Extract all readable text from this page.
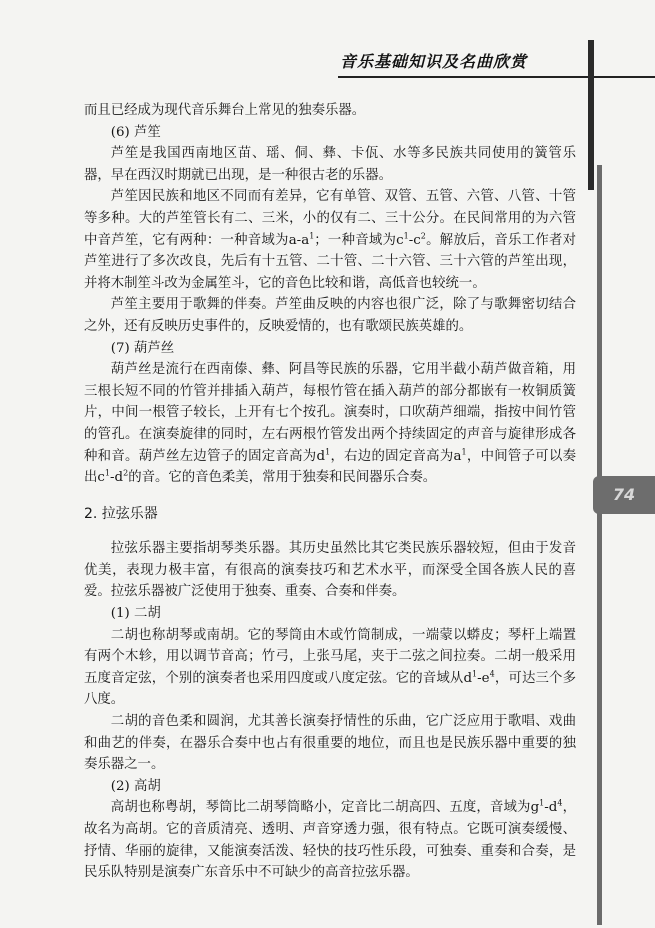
音乐基础知识及名曲欣赏
74

而且已经成为现代音乐舞台上常见的独奏乐器。

(6) 芦笙

芦笙是我国西南地区苗、瑶、侗、彝、卡佤、水等多民族共同使用的簧管乐器，早在西汉时期就已出现，是一种很古老的乐器。

芦笙因民族和地区不同而有差异，它有单管、双管、五管、六管、八管、十管等多种。大的芦笙管长有二、三米，小的仅有二、三十公分。在民间常用的为六管中音芦笙，它有两种：一种音域为$a-a^1$；一种音域为$c^1-c^2$。解放后，音乐工作者对芦笙进行了多次改良，先后有十五管、二十管、二十六管、三十六管的芦笙出现，并将木制笙斗改为金属笙斗，它的音色比较和谐，高低音也较统一。

芦笙主要用于歌舞的伴奏。芦笙曲反映的内容也很广泛，除了与歌舞密切结合之外，还有反映历史事件的，反映爱情的，也有歌颂民族英雄的。

(7) 葫芦丝

葫芦丝是流行在西南傣、彝、阿昌等民族的乐器，它用半截小葫芦做音箱，用三根长短不同的竹管并排插入葫芦，每根竹管在插入葫芦的部分都嵌有一枚铜质簧片，中间一根管子较长，上开有七个按孔。演奏时，口吹葫芦细端，指按中间竹管的管孔。在演奏旋律的同时，左右两根竹管发出两个持续固定的声音与旋律形成各种和音。葫芦丝左边管子的固定音高为$d^1$，右边的固定音高为$a^1$，中间管子可以奏出$c^1-d^2$的音。它的音色柔美，常用于独奏和民间器乐合奏。

2. 拉弦乐器

拉弦乐器主要指胡琴类乐器。其历史虽然比其它类民族乐器较短，但由于发音优美，表现力极丰富，有很高的演奏技巧和艺术水平，而深受全国各族人民的喜爱。拉弦乐器被广泛使用于独奏、重奏、合奏和伴奏。

(1) 二胡

二胡也称胡琴或南胡。它的琴筒由木或竹筒制成，一端蒙以蟒皮；琴杆上端置有两个木轸，用以调节音高；竹弓，上张马尾，夹于二弦之间拉奏。二胡一般采用五度音定弦，个别的演奏者也采用四度或八度定弦。它的音域从$d^1-e^4$，可达三个多八度。

二胡的音色柔和圆润，尤其善长演奏抒情性的乐曲，它广泛应用于歌唱、戏曲和曲艺的伴奏，在器乐合奏中也占有很重要的地位，而且也是民族乐器中重要的独奏乐器之一。

(2) 高胡

高胡也称粤胡，琴筒比二胡琴筒略小，定音比二胡高四、五度，音域为$g^1-d^4$，故名为高胡。它的音质清亮、透明、声音穿透力强，很有特点。它既可演奏缓慢、抒情、华丽的旋律，又能演奏活泼、轻快的技巧性乐段，可独奏、重奏和合奏，是民乐队特别是演奏广东音乐中不可缺少的高音拉弦乐器。
